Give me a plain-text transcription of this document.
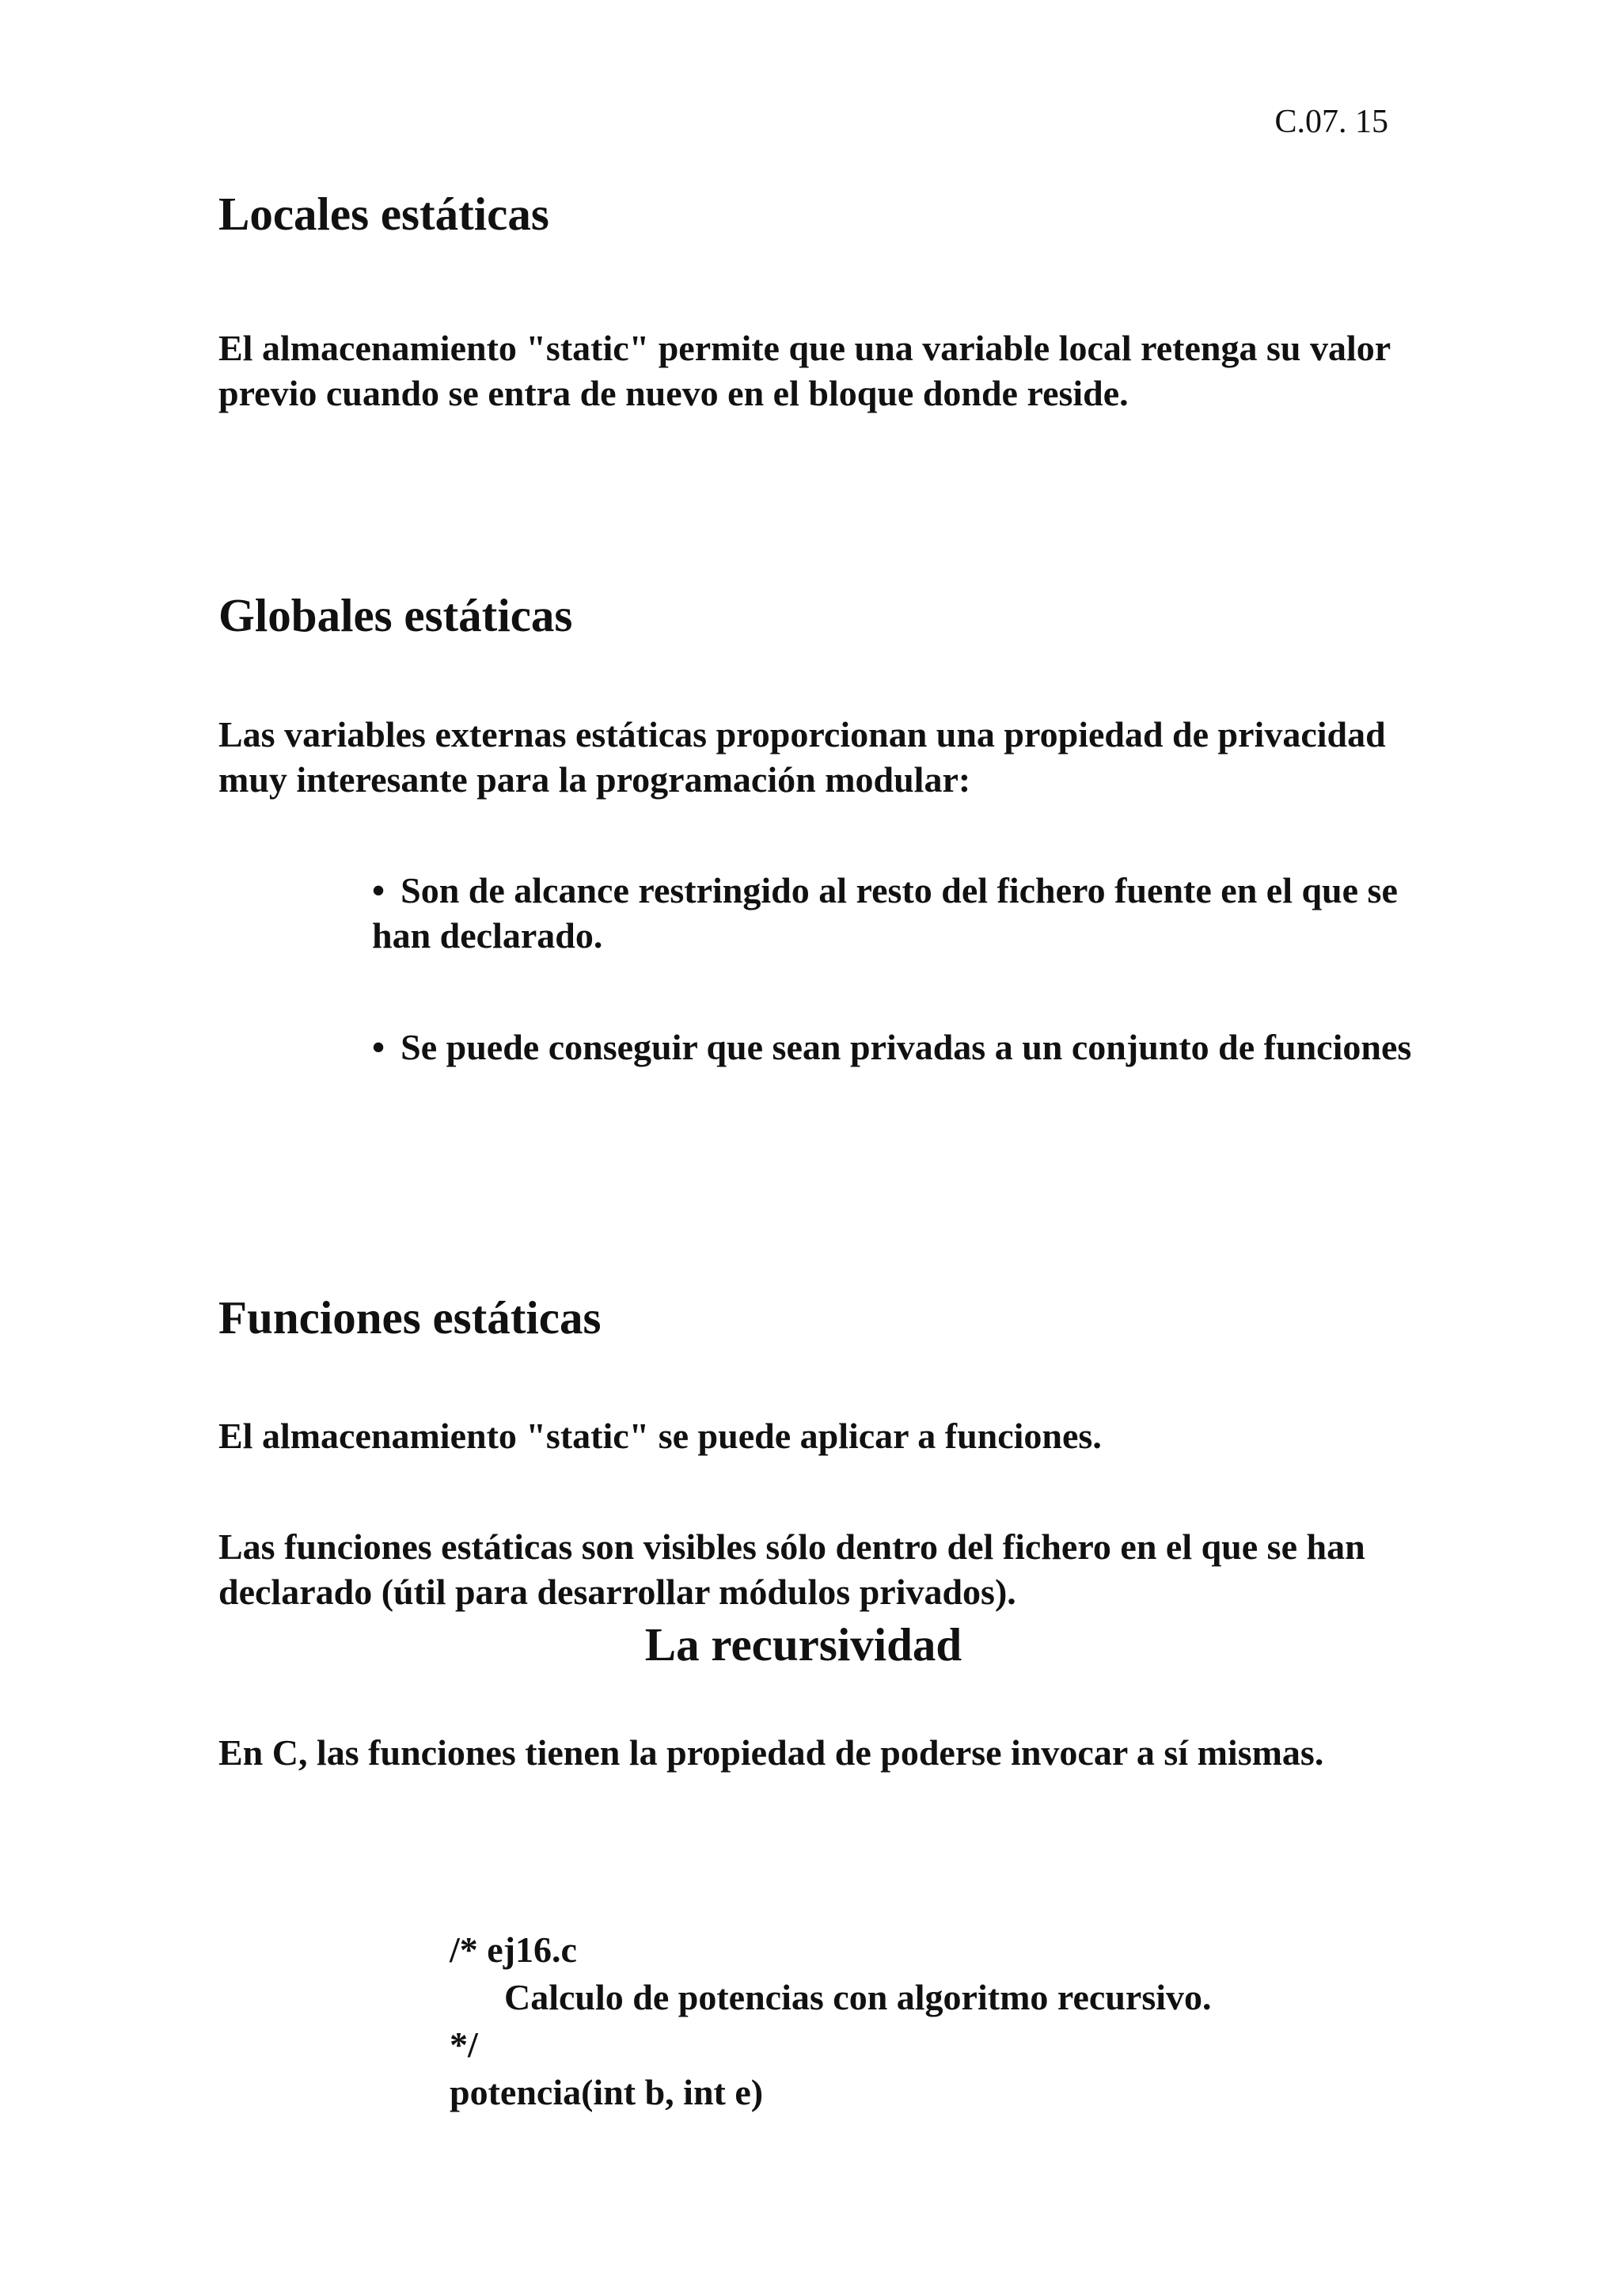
C.07. 15
Locales estáticas
El almacenamiento "static" permite que una variable local retenga su valor previo cuando se entra de nuevo en el bloque donde reside.
Globales estáticas
Las variables externas estáticas proporcionan una propiedad de privacidad muy interesante para la programación modular:
• Son de alcance restringido al resto del fichero fuente en el que se han declarado.
• Se puede conseguir que sean privadas a un conjunto de funciones
Funciones estáticas
El almacenamiento "static" se puede aplicar a funciones.
Las funciones estáticas son visibles sólo dentro del fichero en el que se han declarado (útil para desarrollar módulos privados).
La recursividad
En C, las funciones tienen la propiedad de poderse invocar a sí mismas.
/* ej16.c
Calculo de potencias con algoritmo recursivo.
*/
potencia(int b, int e)
